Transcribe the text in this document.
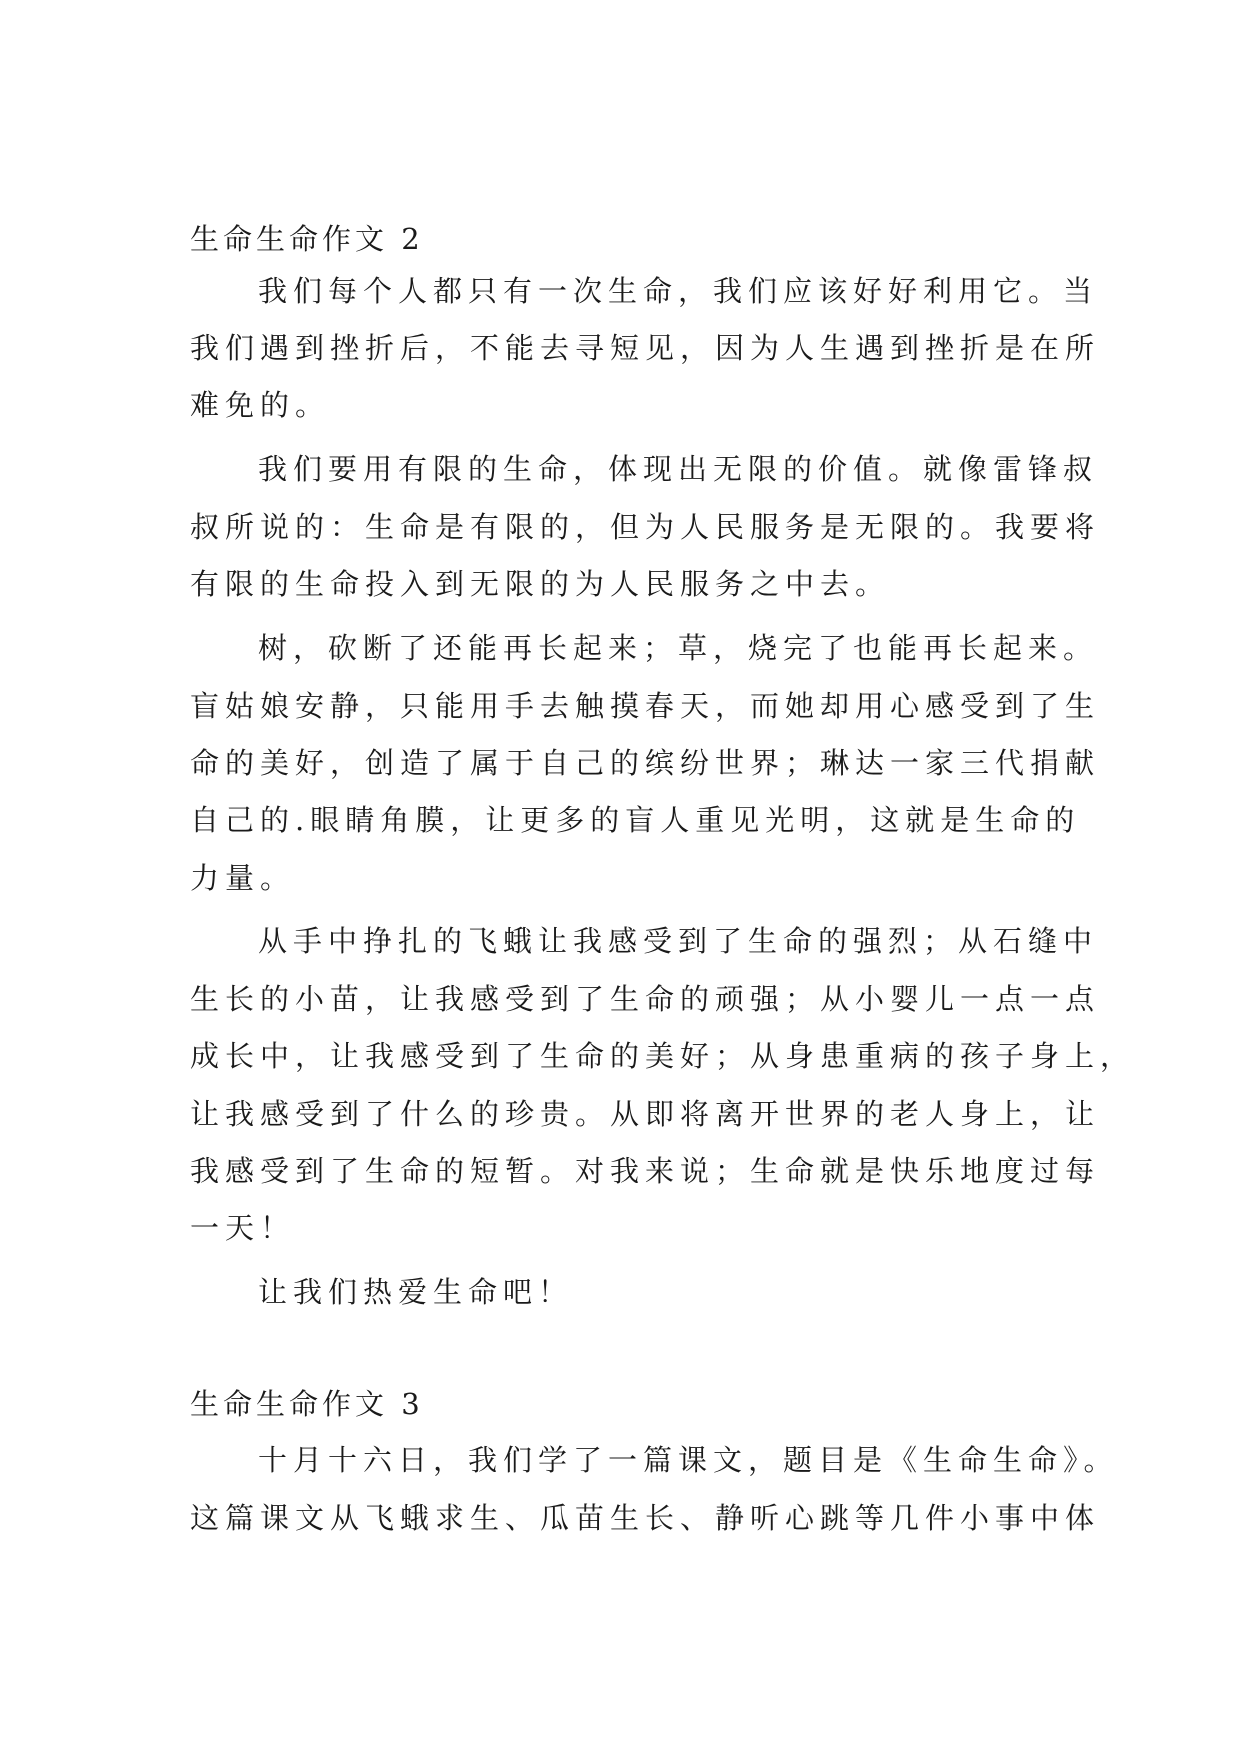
生命生命作文 2
我们每个人都只有一次生命，我们应该好好利用它。当
我们遇到挫折后，不能去寻短见，因为人生遇到挫折是在所
难免的。
我们要用有限的生命，体现出无限的价值。就像雷锋叔
叔所说的：生命是有限的，但为人民服务是无限的。我要将
有限的生命投入到无限的为人民服务之中去。
树，砍断了还能再长起来；草，烧完了也能再长起来。
盲姑娘安静，只能用手去触摸春天，而她却用心感受到了生
命的美好，创造了属于自己的缤纷世界；琳达一家三代捐献
自己的.眼睛角膜，让更多的盲人重见光明，这就是生命的
力量。
从手中挣扎的飞蛾让我感受到了生命的强烈；从石缝中
生长的小苗，让我感受到了生命的顽强；从小婴儿一点一点
成长中，让我感受到了生命的美好；从身患重病的孩子身上，
让我感受到了什么的珍贵。从即将离开世界的老人身上，让
我感受到了生命的短暂。对我来说；生命就是快乐地度过每
一天！
让我们热爱生命吧！
生命生命作文 3
十月十六日，我们学了一篇课文，题目是《生命生命》。
这篇课文从飞蛾求生、瓜苗生长、静听心跳等几件小事中体
